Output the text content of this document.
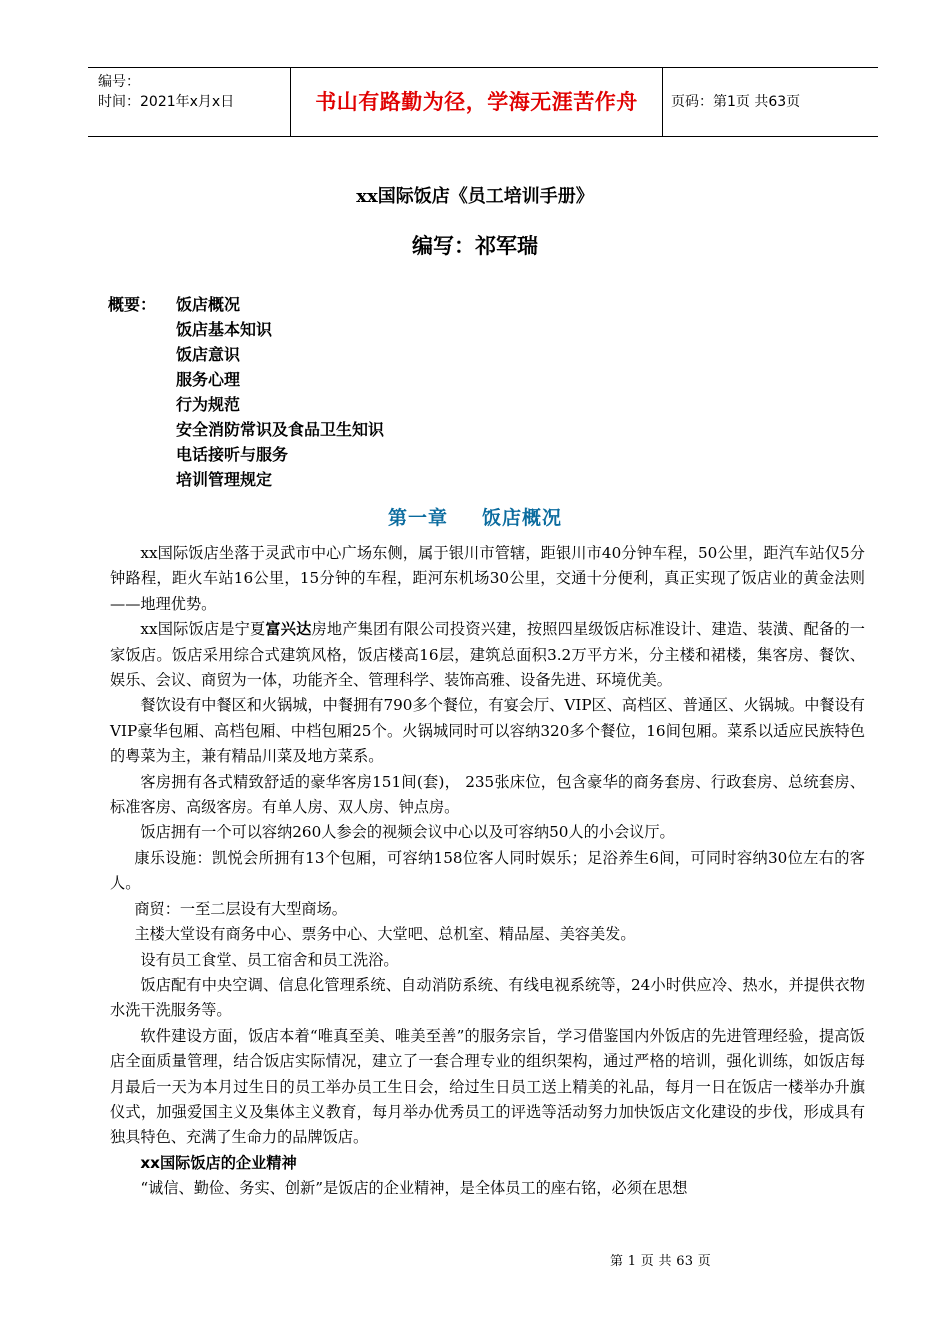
编号：
时间：2021年x月x日	书山有路勤为径，学海无涯苦作舟	页码：第1页 共63页
xx国际饭店《员工培训手册》
编写：祁军瑞
概要：	饭店概况
饭店基本知识
饭店意识
服务心理
行为规范
安全消防常识及食品卫生知识
电话接听与服务
培训管理规定
第一章 饭店概况

xx国际饭店坐落于灵武市中心广场东侧，属于银川市管辖，距银川市40分钟车程，50公里，距汽车站仅5分钟路程，距火车站16公里，15分钟的车程，距河东机场30公里，交通十分便利，真正实现了饭店业的黄金法则——地理优势。

xx国际饭店是宁夏富兴达房地产集团有限公司投资兴建，按照四星级饭店标准设计、建造、装潢、配备的一家饭店。饭店采用综合式建筑风格，饭店楼高16层，建筑总面积3.2万平方米，分主楼和裙楼，集客房、餐饮、娱乐、会议、商贸为一体，功能齐全、管理科学、装饰高雅、设备先进、环境优美。

餐饮设有中餐区和火锅城，中餐拥有790多个餐位，有宴会厅、VIP区、高档区、普通区、火锅城。中餐设有VIP豪华包厢、高档包厢、中档包厢25个。火锅城同时可以容纳320多个餐位，16间包厢。菜系以适应民族特色的粤菜为主，兼有精品川菜及地方菜系。

客房拥有各式精致舒适的豪华客房151间(套)， 235张床位，包含豪华的商务套房、行政套房、总统套房、标准客房、高级客房。有单人房、双人房、钟点房。

饭店拥有一个可以容纳260人参会的视频会议中心以及可容纳50人的小会议厅。

康乐设施：凯悦会所拥有13个包厢，可容纳158位客人同时娱乐；足浴养生6间，可同时容纳30位左右的客人。

商贸：一至二层设有大型商场。

主楼大堂设有商务中心、票务中心、大堂吧、总机室、精品屋、美容美发。

设有员工食堂、员工宿舍和员工洗浴。

饭店配有中央空调、信息化管理系统、自动消防系统、有线电视系统等，24小时供应冷、热水，并提供衣物水洗干洗服务等。

软件建设方面，饭店本着“唯真至美、唯美至善”的服务宗旨，学习借鉴国内外饭店的先进管理经验，提高饭店全面质量管理，结合饭店实际情况，建立了一套合理专业的组织架构，通过严格的培训，强化训练，如饭店每月最后一天为本月过生日的员工举办员工生日会，给过生日员工送上精美的礼品，每月一日在饭店一楼举办升旗仪式，加强爱国主义及集体主义教育，每月举办优秀员工的评选等活动努力加快饭店文化建设的步伐，形成具有独具特色、充满了生命力的品牌饭店。

xx国际饭店的企业精神

“诚信、勤俭、务实、创新”是饭店的企业精神，是全体员工的座右铭，必须在思想

第 1 页 共 63 页
